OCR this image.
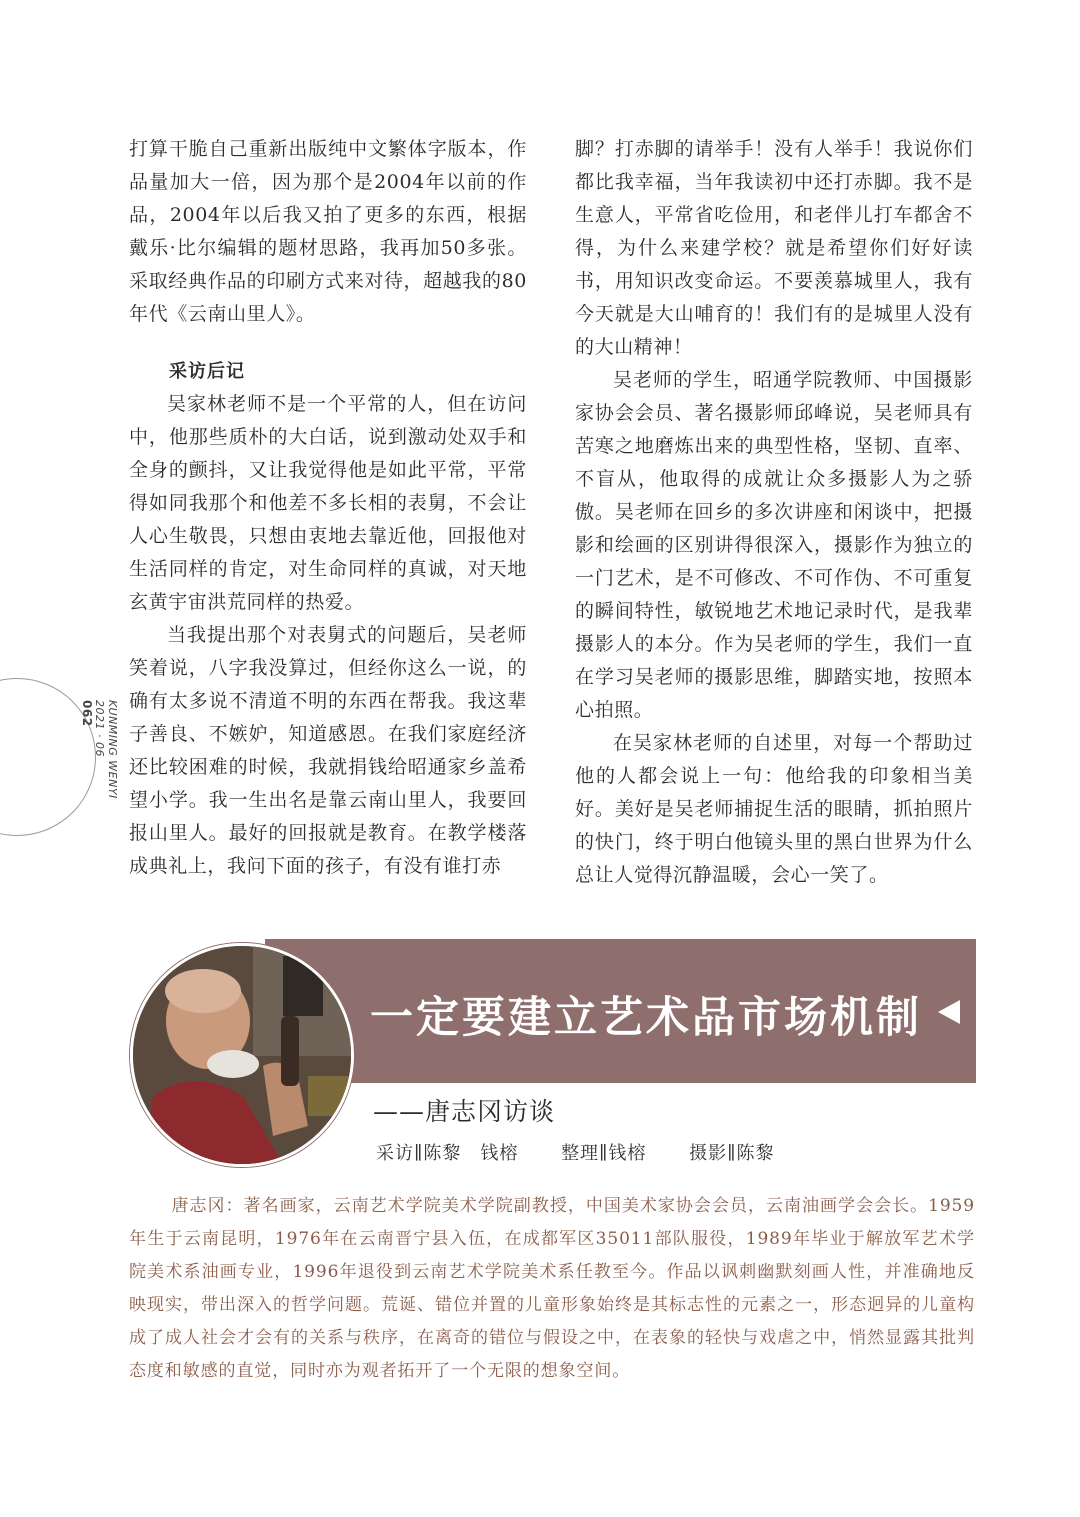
打算干脆自己重新出版纯中文繁体字版本，作品量加大一倍，因为那个是2004年以前的作品，2004年以后我又拍了更多的东西，根据戴乐·比尔编辑的题材思路，我再加50多张。采取经典作品的印刷方式来对待，超越我的80年代《云南山里人》。

采访后记

吴家林老师不是一个平常的人，但在访问中，他那些质朴的大白话，说到激动处双手和全身的颤抖，又让我觉得他是如此平常，平常得如同我那个和他差不多长相的表舅，不会让人心生敬畏，只想由衷地去靠近他，回报他对生活同样的肯定，对生命同样的真诚，对天地玄黄宇宙洪荒同样的热爱。

当我提出那个对表舅式的问题后，吴老师笑着说，八字我没算过，但经你这么一说，的确有太多说不清道不明的东西在帮我。我这辈子善良、不嫉妒，知道感恩。在我们家庭经济还比较困难的时候，我就捐钱给昭通家乡盖希望小学。我一生出名是靠云南山里人，我要回报山里人。最好的回报就是教育。在教学楼落成典礼上，我问下面的孩子，有没有谁打赤

脚？打赤脚的请举手！没有人举手！我说你们都比我幸福，当年我读初中还打赤脚。我不是生意人，平常省吃俭用，和老伴儿打车都舍不得，为什么来建学校？就是希望你们好好读书，用知识改变命运。不要羡慕城里人，我有今天就是大山哺育的！我们有的是城里人没有的大山精神！

吴老师的学生，昭通学院教师、中国摄影家协会会员、著名摄影师邱峰说，吴老师具有苦寒之地磨炼出来的典型性格，坚韧、直率、不盲从，他取得的成就让众多摄影人为之骄傲。吴老师在回乡的多次讲座和闲谈中，把摄影和绘画的区别讲得很深入，摄影作为独立的一门艺术，是不可修改、不可作伪、不可重复的瞬间特性，敏锐地艺术地记录时代，是我辈摄影人的本分。作为吴老师的学生，我们一直在学习吴老师的摄影思维，脚踏实地，按照本心拍照。

在吴家林老师的自述里，对每一个帮助过他的人都会说上一句：他给我的印象相当美好。美好是吴老师捕捉生活的眼睛，抓拍照片的快门，终于明白他镜头里的黑白世界为什么总让人觉得沉静温暖，会心一笑了。

KUNMING WENYI
2021 · 06
062
一定要建立艺术品市场机制
——唐志冈访谈
采访∥陈黎　钱榕 整理∥钱榕 摄影∥陈黎

唐志冈：著名画家，云南艺术学院美术学院副教授，中国美术家协会会员，云南油画学会会长。1959年生于云南昆明，1976年在云南晋宁县入伍，在成都军区35011部队服役，1989年毕业于解放军艺术学院美术系油画专业，1996年退役到云南艺术学院美术系任教至今。作品以讽刺幽默刻画人性，并准确地反映现实，带出深入的哲学问题。荒诞、错位并置的儿童形象始终是其标志性的元素之一，形态迥异的儿童构成了成人社会才会有的关系与秩序，在离奇的错位与假设之中，在表象的轻快与戏虐之中，悄然显露其批判态度和敏感的直觉，同时亦为观者拓开了一个无限的想象空间。
